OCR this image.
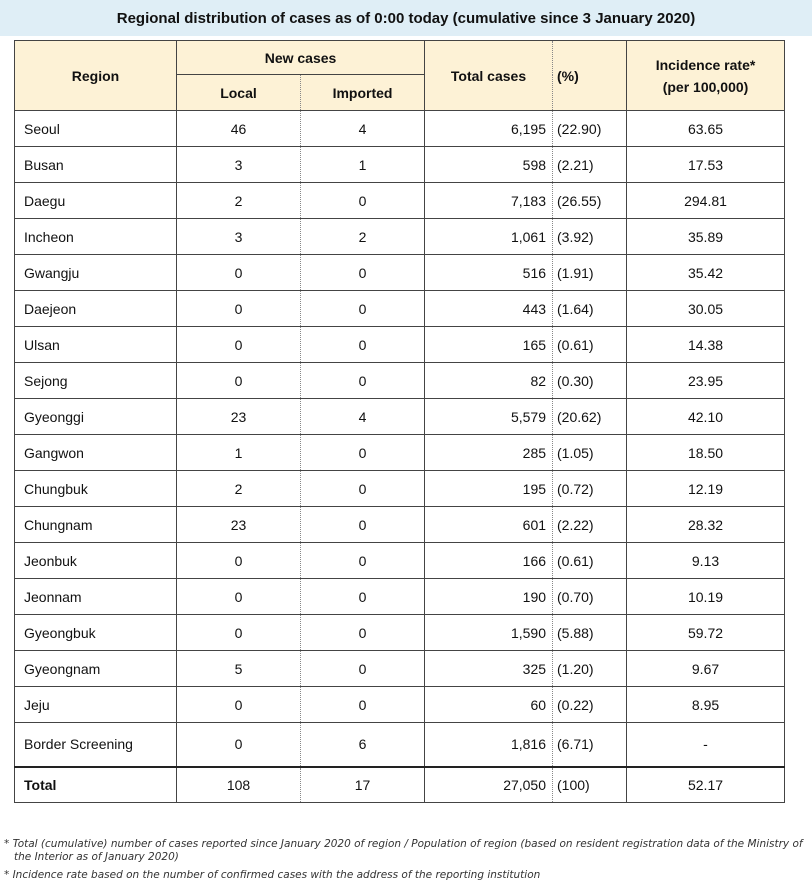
Regional distribution of cases as of 0:00 today (cumulative since 3 January 2020)
Region	New cases		Total cases	(%)	Incidence rate*
(per 100,000)

	Local	Imported			
Seoul	46	4	6,195	(22.90)	63.65
Busan	3	1	598	(2.21)	17.53
Daegu	2	0	7,183	(26.55)	294.81
Incheon	3	2	1,061	(3.92)	35.89
Gwangju	0	0	516	(1.91)	35.42
Daejeon	0	0	443	(1.64)	30.05
Ulsan	0	0	165	(0.61)	14.38
Sejong	0	0	82	(0.30)	23.95
Gyeonggi	23	4	5,579	(20.62)	42.10
Gangwon	1	0	285	(1.05)	18.50
Chungbuk	2	0	195	(0.72)	12.19
Chungnam	23	0	601	(2.22)	28.32
Jeonbuk	0	0	166	(0.61)	9.13
Jeonnam	0	0	190	(0.70)	10.19
Gyeongbuk	0	0	1,590	(5.88)	59.72
Gyeongnam	5	0	325	(1.20)	9.67
Jeju	0	0	60	(0.22)	8.95
Border Screening	0	6	1,816	(6.71)	-
Total	108	17	27,050	(100)	52.17

* Total (cumulative) number of cases reported since January 2020 of region / Population of region (based on resident registration data of the Ministry of the Interior as of January 2020)

* Incidence rate based on the number of confirmed cases with the address of the reporting institution
